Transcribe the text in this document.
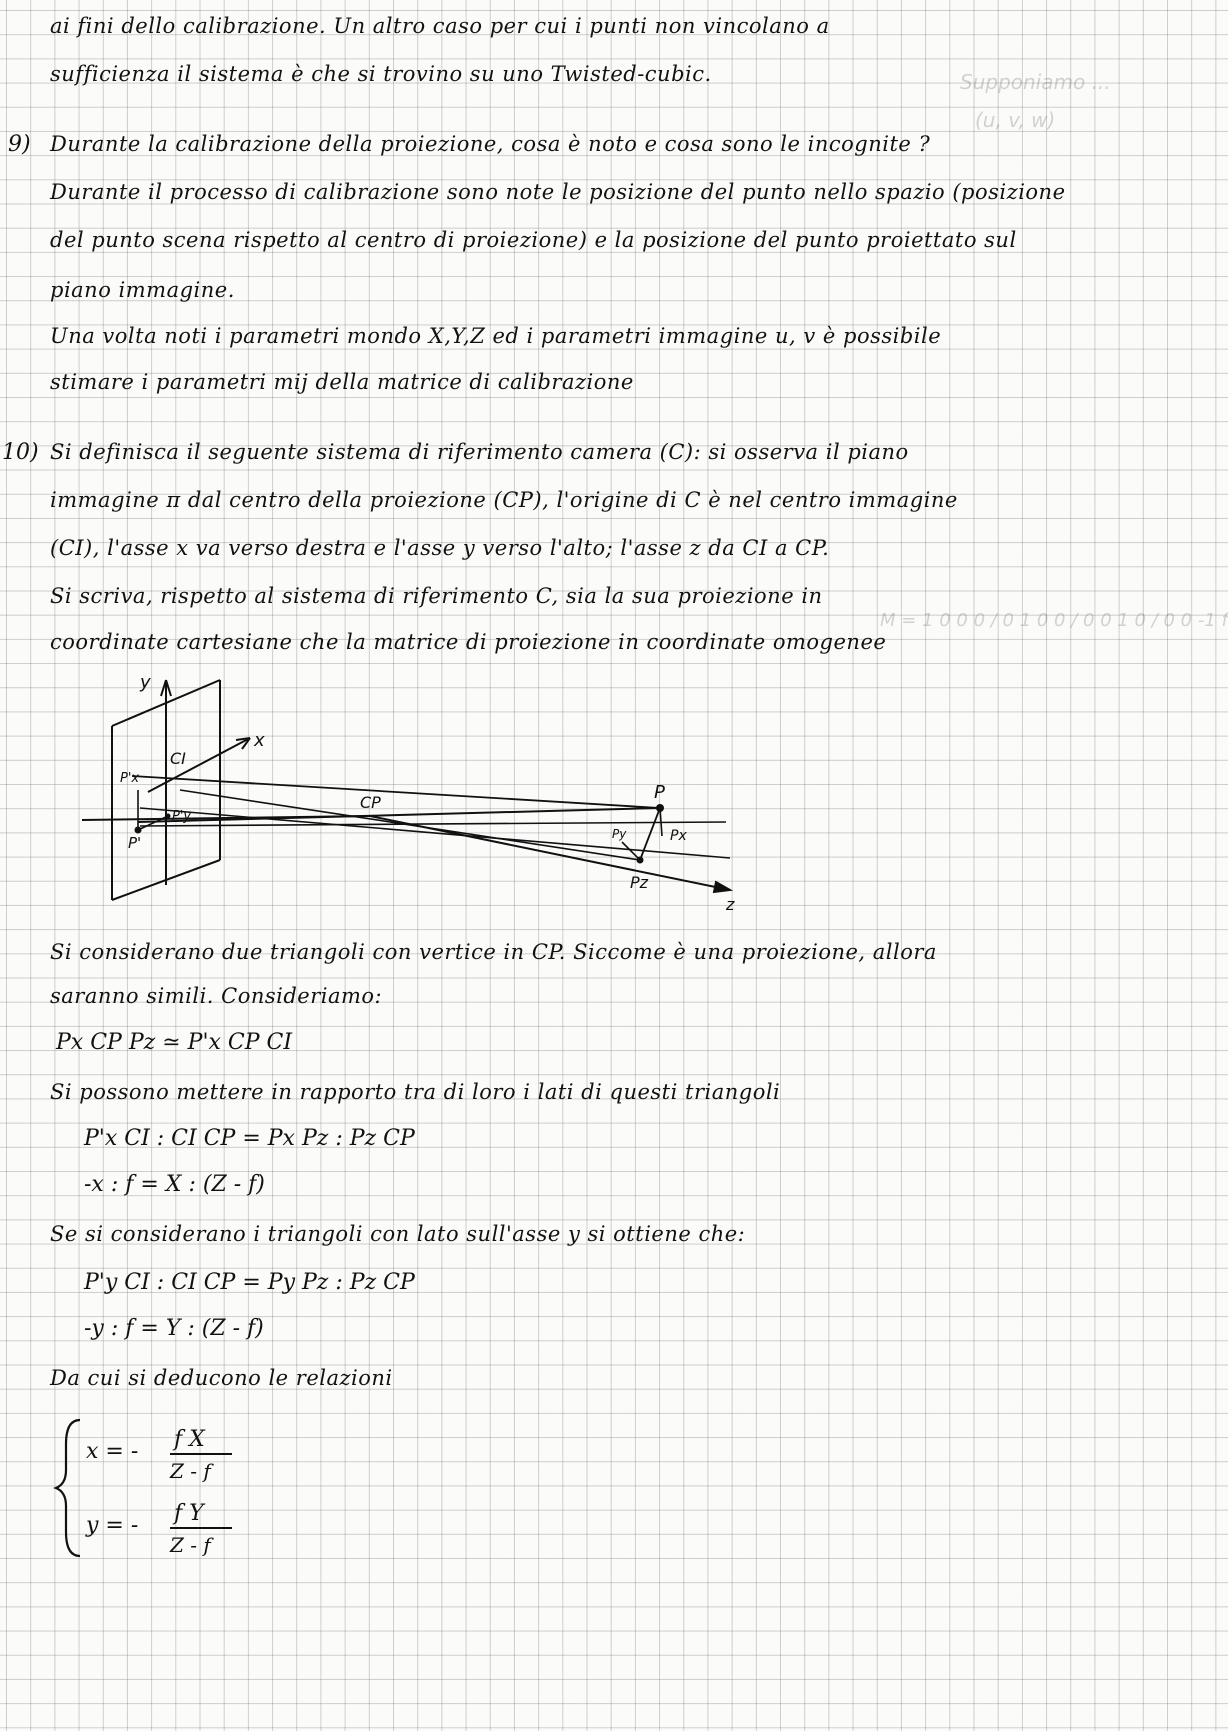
Supponiamo ...
(u, v, w)
M = 1 0 0 0 / 0 1 0 0 / 0 0 1 0 / 0 0 -1 f
ai fini dello calibrazione. Un altro caso per cui i punti non vincolano a
sufficienza il sistema è che si trovino su uno Twisted-cubic.
9) Durante la calibrazione della proiezione, cosa è noto e cosa sono le incognite ?
Durante il processo di calibrazione sono note le posizione del punto nello spazio (posizione
del punto scena rispetto al centro di proiezione) e la posizione del punto proiettato sul
piano immagine.
Una volta noti i parametri mondo X,Y,Z ed i parametri immagine u, v è possibile
stimare i parametri mij della matrice di calibrazione
10) Si definisca il seguente sistema di riferimento camera (C): si osserva il piano
immagine π dal centro della proiezione (CP), l'origine di C è nel centro immagine
(CI), l'asse x va verso destra e l'asse y verso l'alto; l'asse z da CI a CP.
Si scriva, rispetto al sistema di riferimento C, sia la sua proiezione in
coordinate cartesiane che la matrice di proiezione in coordinate omogenee
y
x
z
CI
CP	P
P'
P'x
P'y
Px
Py
Pz
Si considerano due triangoli con vertice in CP. Siccome è una proiezione, allora
saranno simili. Consideriamo:
Px CP Pz ≃ P'x CP CI
Si possono mettere in rapporto tra di loro i lati di questi triangoli
P'x CI : CI CP = Px Pz : Pz CP
-x : f = X : (Z - f)
Se si considerano i triangoli con lato sull'asse y si ottiene che:
P'y CI : CI CP = Py Pz : Pz CP
-y : f = Y : (Z - f)
Da cui si deducono le relazioni
x = - f X
Z - f
y = - f Y
Z - f
